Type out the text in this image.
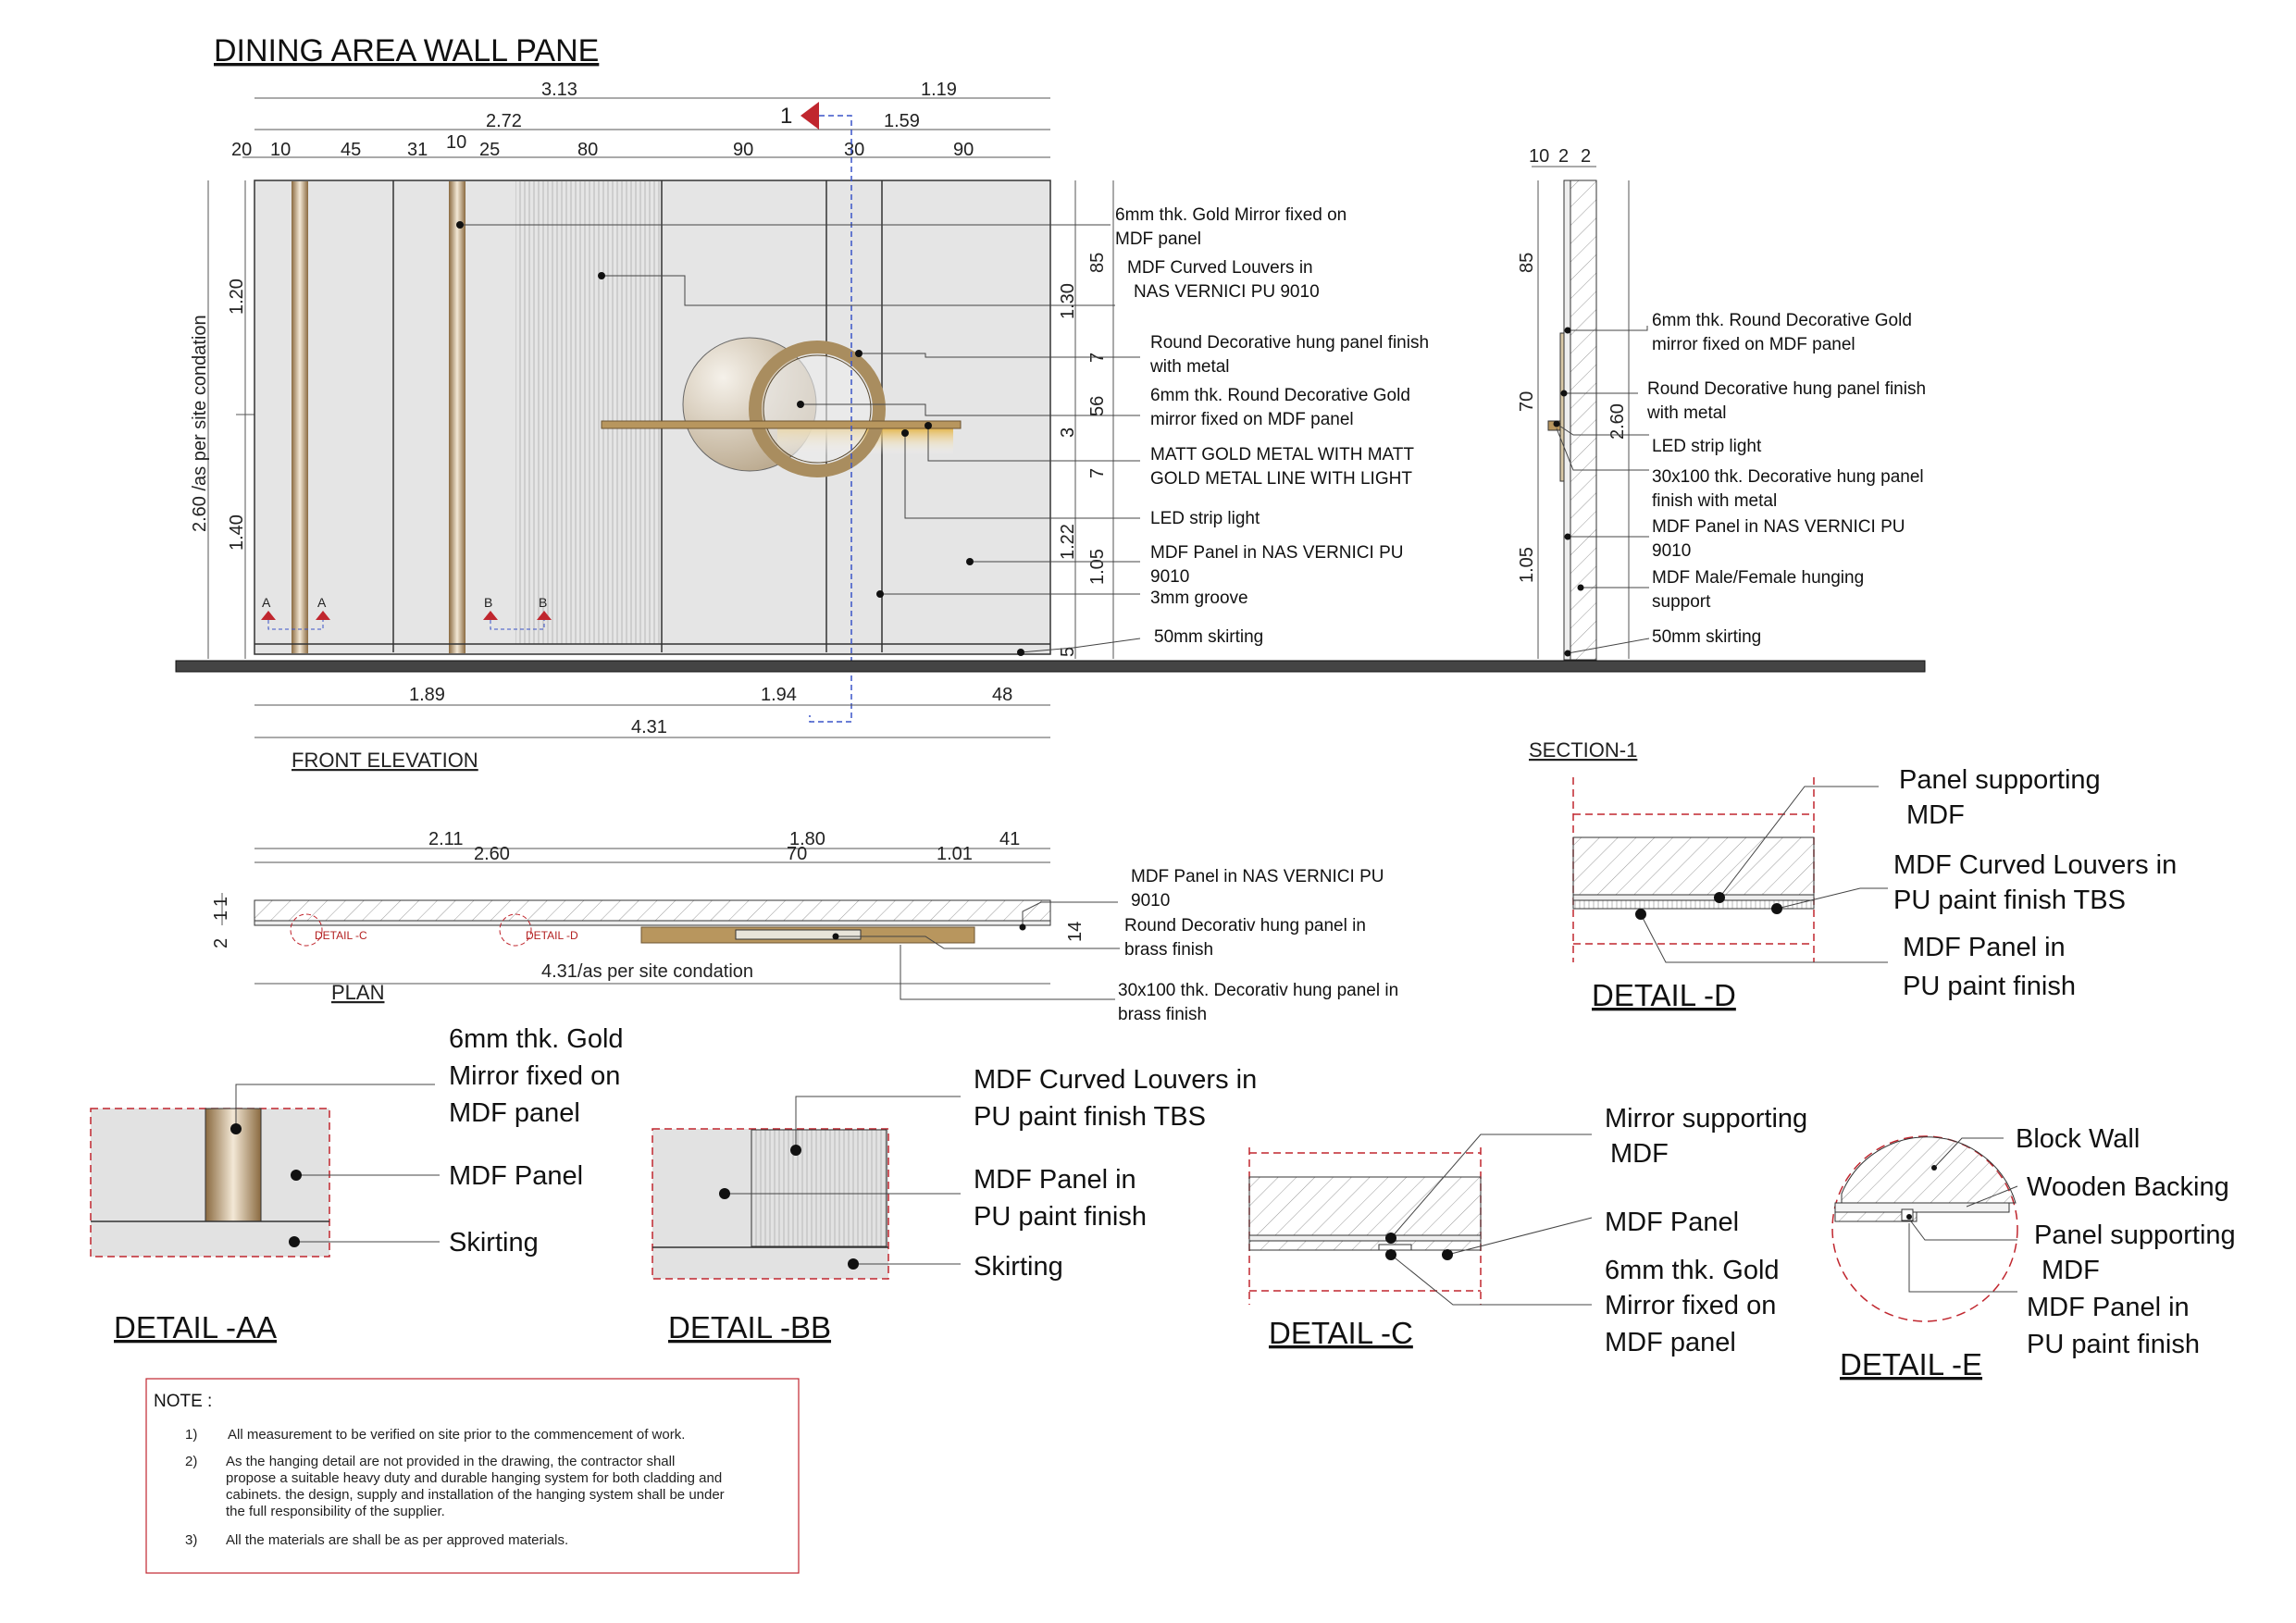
DINING AREA WALL PANE
3.13	1.19
2.72	1.59
1
20 10	45 31 10 25	80	90	30	90
2.60 /as per site condation
1.20
1.40
A	A	B	B
85
1.30
7
56
3
7
1.22
1.05
5
6mm thk. Gold Mirror fixed on
MDF panel
MDF Curved Louvers in
NAS VERNICI PU 9010
Round Decorative hung panel finish
with metal
6mm thk. Round Decorative Gold
mirror fixed on MDF panel
MATT GOLD METAL WITH MATT
GOLD METAL LINE WITH LIGHT
LED strip light
MDF Panel in NAS VERNICI PU
9010
3mm groove
50mm skirting
1.89	1.94	48
4.31
FRONT ELEVATION
10 2 2
85
70
1.05
2.60
6mm thk. Round Decorative Gold
mirror fixed on MDF panel
Round Decorative hung panel finish
with metal
LED strip light
30x100 thk. Decorative hung panel
finish with metal
MDF Panel in NAS VERNICI PU
9010
MDF Male/Female hunging
support
50mm skirting
SECTION-1
2.11	1.80	41
2.60	70	1.01
1
1
2
14
DETAIL -C	DETAIL -D
MDF Panel in NAS VERNICI PU
9010
Round Decorativ hung panel in
brass finish
30x100 thk. Decorativ hung panel in
brass finish
4.31/as per site condation
PLAN
Panel supporting
MDF
MDF Curved Louvers in
PU paint finish TBS
MDF Panel in
PU paint finish
DETAIL -D
6mm thk. Gold
Mirror fixed on
MDF panel
MDF Panel
Skirting
DETAIL -AA
MDF Curved Louvers in
PU paint finish TBS
MDF Panel in
PU paint finish
Skirting
DETAIL -BB
Mirror supporting
MDF
MDF Panel
6mm thk. Gold
Mirror fixed on
MDF panel
DETAIL -C
Block Wall
Wooden Backing
Panel supporting
MDF
MDF Panel in
PU paint finish
DETAIL -E
NOTE :
1) All measurement to be verified on site prior to the commencement of work.
2) As the hanging detail are not provided in the drawing, the contractor shall
propose a suitable heavy duty and durable hanging system for both cladding and
cabinets. the design, supply and installation of the hanging system shall be under
the full responsibility of the supplier.
3) All the materials are shall be as per approved materials.
